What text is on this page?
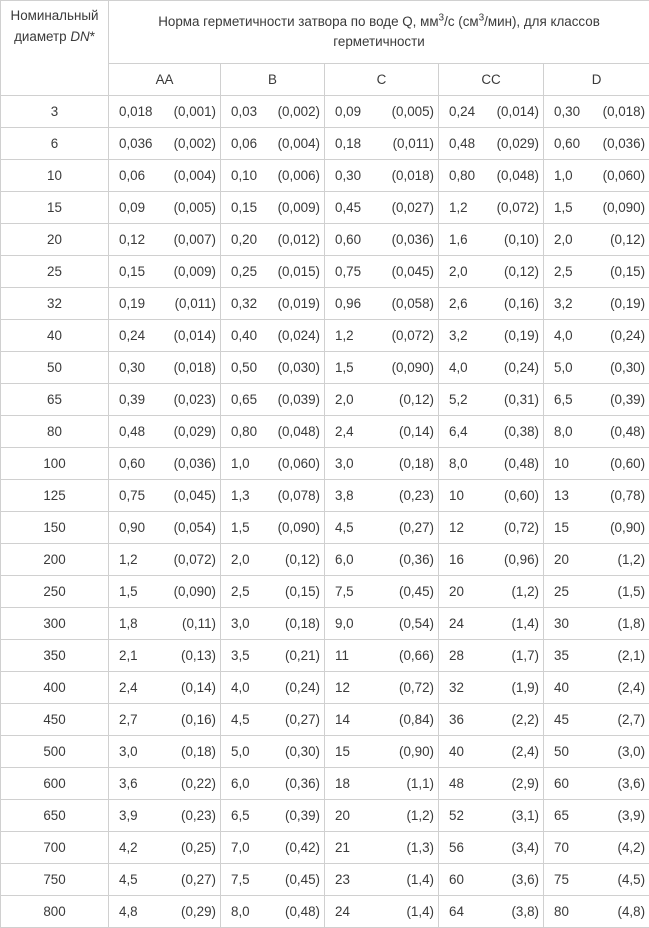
Номинальный
диаметр DN*	Норма герметичности затвора по воде Q, $мм^3/с$ $(см^3/мин)$, для классов
герметичности				
	AA	B	C	CC	D
3	0,018 (0,001)	0,03 (0,002)	0,09 (0,005)	0,24 (0,014)	0,30 (0,018)

6	0,036 (0,002)	0,06 (0,004)	0,18 (0,011)	0,48 (0,029)	0,60 (0,036)

10	0,06 (0,004)	0,10 (0,006)	0,30 (0,018)	0,80 (0,048)	1,0 (0,060)

15	0,09 (0,005)	0,15 (0,009)	0,45 (0,027)	1,2 (0,072)	1,5 (0,090)

20	0,12 (0,007)	0,20 (0,012)	0,60 (0,036)	1,6 (0,10)	2,0 (0,12)

25	0,15 (0,009)	0,25 (0,015)	0,75 (0,045)	2,0 (0,12)	2,5 (0,15)

32	0,19 (0,011)	0,32 (0,019)	0,96 (0,058)	2,6 (0,16)	3,2 (0,19)

40	0,24 (0,014)	0,40 (0,024)	1,2 (0,072)	3,2 (0,19)	4,0 (0,24)

50	0,30 (0,018)	0,50 (0,030)	1,5 (0,090)	4,0 (0,24)	5,0 (0,30)

65	0,39 (0,023)	0,65 (0,039)	2,0 (0,12)	5,2 (0,31)	6,5 (0,39)

80	0,48 (0,029)	0,80 (0,048)	2,4 (0,14)	6,4 (0,38)	8,0 (0,48)

100	0,60 (0,036)	1,0 (0,060)	3,0 (0,18)	8,0 (0,48)	10 (0,60)

125	0,75 (0,045)	1,3 (0,078)	3,8 (0,23)	10 (0,60)	13 (0,78)

150	0,90 (0,054)	1,5 (0,090)	4,5 (0,27)	12 (0,72)	15 (0,90)

200	1,2 (0,072)	2,0 (0,12)	6,0 (0,36)	16 (0,96)	20 (1,2)

250	1,5 (0,090)	2,5 (0,15)	7,5 (0,45)	20 (1,2)	25 (1,5)

300	1,8 (0,11)	3,0 (0,18)	9,0 (0,54)	24 (1,4)	30 (1,8)

350	2,1 (0,13)	3,5 (0,21)	11 (0,66)	28 (1,7)	35 (2,1)

400	2,4 (0,14)	4,0 (0,24)	12 (0,72)	32 (1,9)	40 (2,4)

450	2,7 (0,16)	4,5 (0,27)	14 (0,84)	36 (2,2)	45 (2,7)

500	3,0 (0,18)	5,0 (0,30)	15 (0,90)	40 (2,4)	50 (3,0)

600	3,6 (0,22)	6,0 (0,36)	18 (1,1)	48 (2,9)	60 (3,6)

650	3,9 (0,23)	6,5 (0,39)	20 (1,2)	52 (3,1)	65 (3,9)

700	4,2 (0,25)	7,0 (0,42)	21 (1,3)	56 (3,4)	70 (4,2)

750	4,5 (0,27)	7,5 (0,45)	23 (1,4)	60 (3,6)	75 (4,5)

800	4,8 (0,29)	8,0 (0,48)	24 (1,4)	64 (3,8)	80 (4,8)
